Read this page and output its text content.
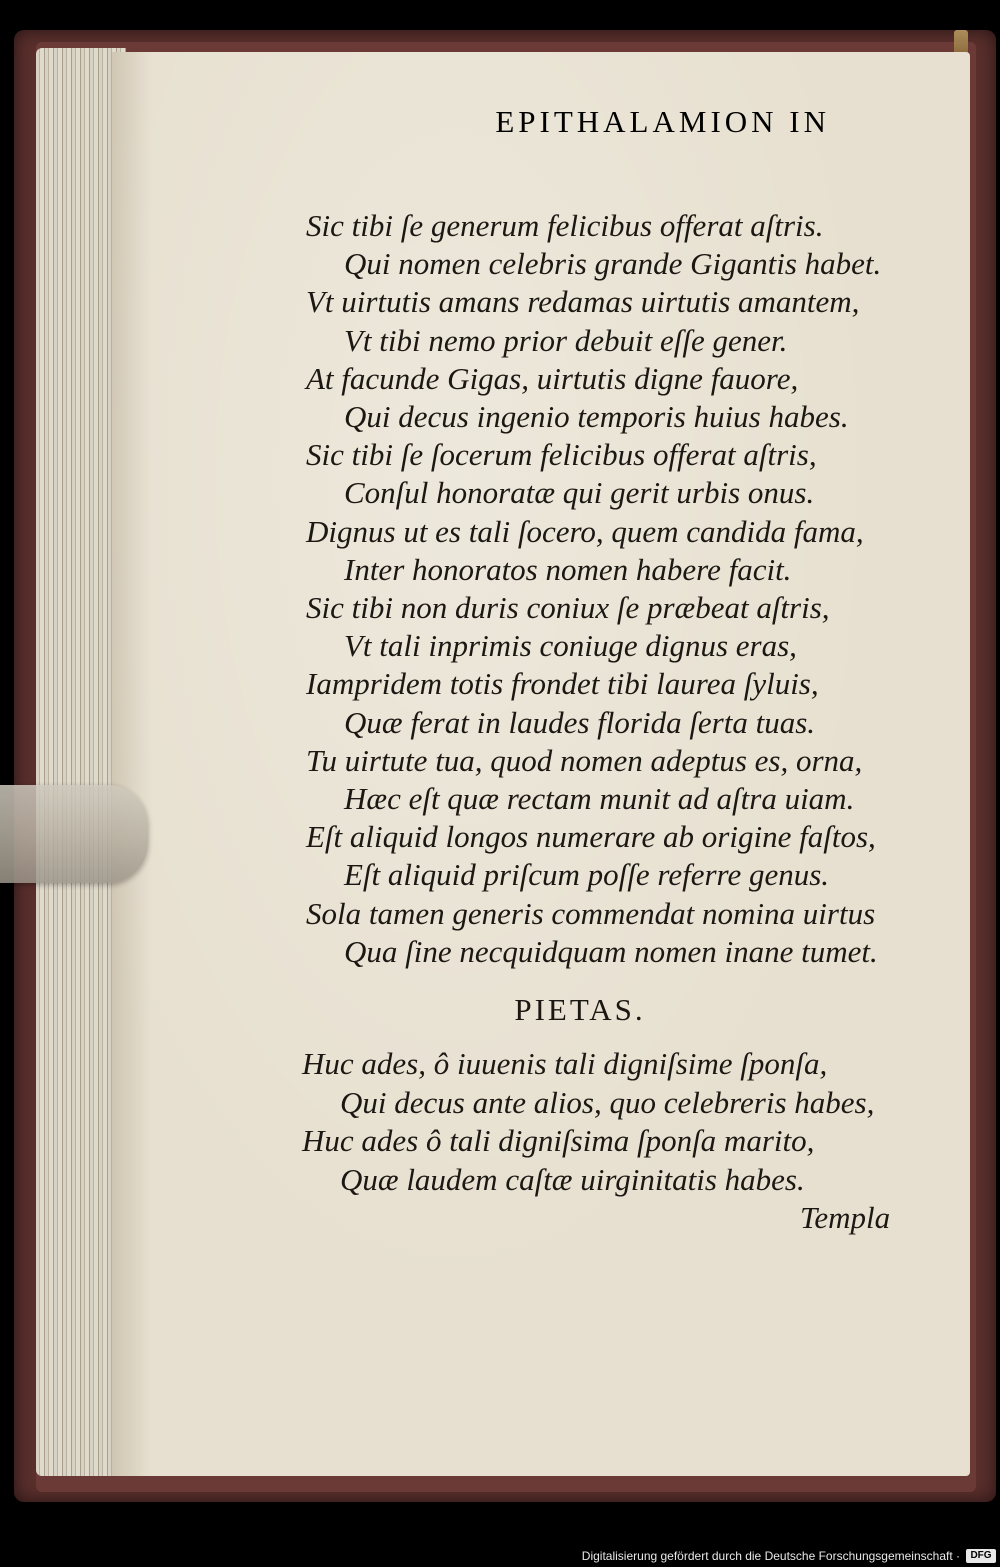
EPITHALAMION IN
Sic tibi ſe generum felicibus offerat aſtris.
Qui nomen celebris grande Gigantis habet.
Vt uirtutis amans redamas uirtutis amantem,
Vt tibi nemo prior debuit eſſe gener.
At facunde Gigas, uirtutis digne fauore,
Qui decus ingenio temporis huius habes.
Sic tibi ſe ſocerum felicibus offerat aſtris,
Conſul honoratæ qui gerit urbis onus.
Dignus ut es tali ſocero, quem candida fama,
Inter honoratos nomen habere facit.
Sic tibi non duris coniux ſe præbeat aſtris,
Vt tali inprimis coniuge dignus eras,
Iampridem totis frondet tibi laurea ſyluis,
Quæ ferat in laudes florida ſerta tuas.
Tu uirtute tua, quod nomen adeptus es, orna,
Hæc eſt quæ rectam munit ad aſtra uiam.
Eſt aliquid longos numerare ab origine faſtos,
Eſt aliquid priſcum poſſe referre genus.
Sola tamen generis commendat nomina uirtus
Qua ſine necquidquam nomen inane tumet.
PIETAS.
Huc ades, ô iuuenis tali digniſsime ſponſa,
Qui decus ante alios, quo celebreris habes,
Huc ades ô tali digniſsima ſponſa marito,
Quæ laudem caſtæ uirginitatis habes.
Templa
Digitalisierung gefördert durch die Deutsche Forschungsgemeinschaft ·	DFG
